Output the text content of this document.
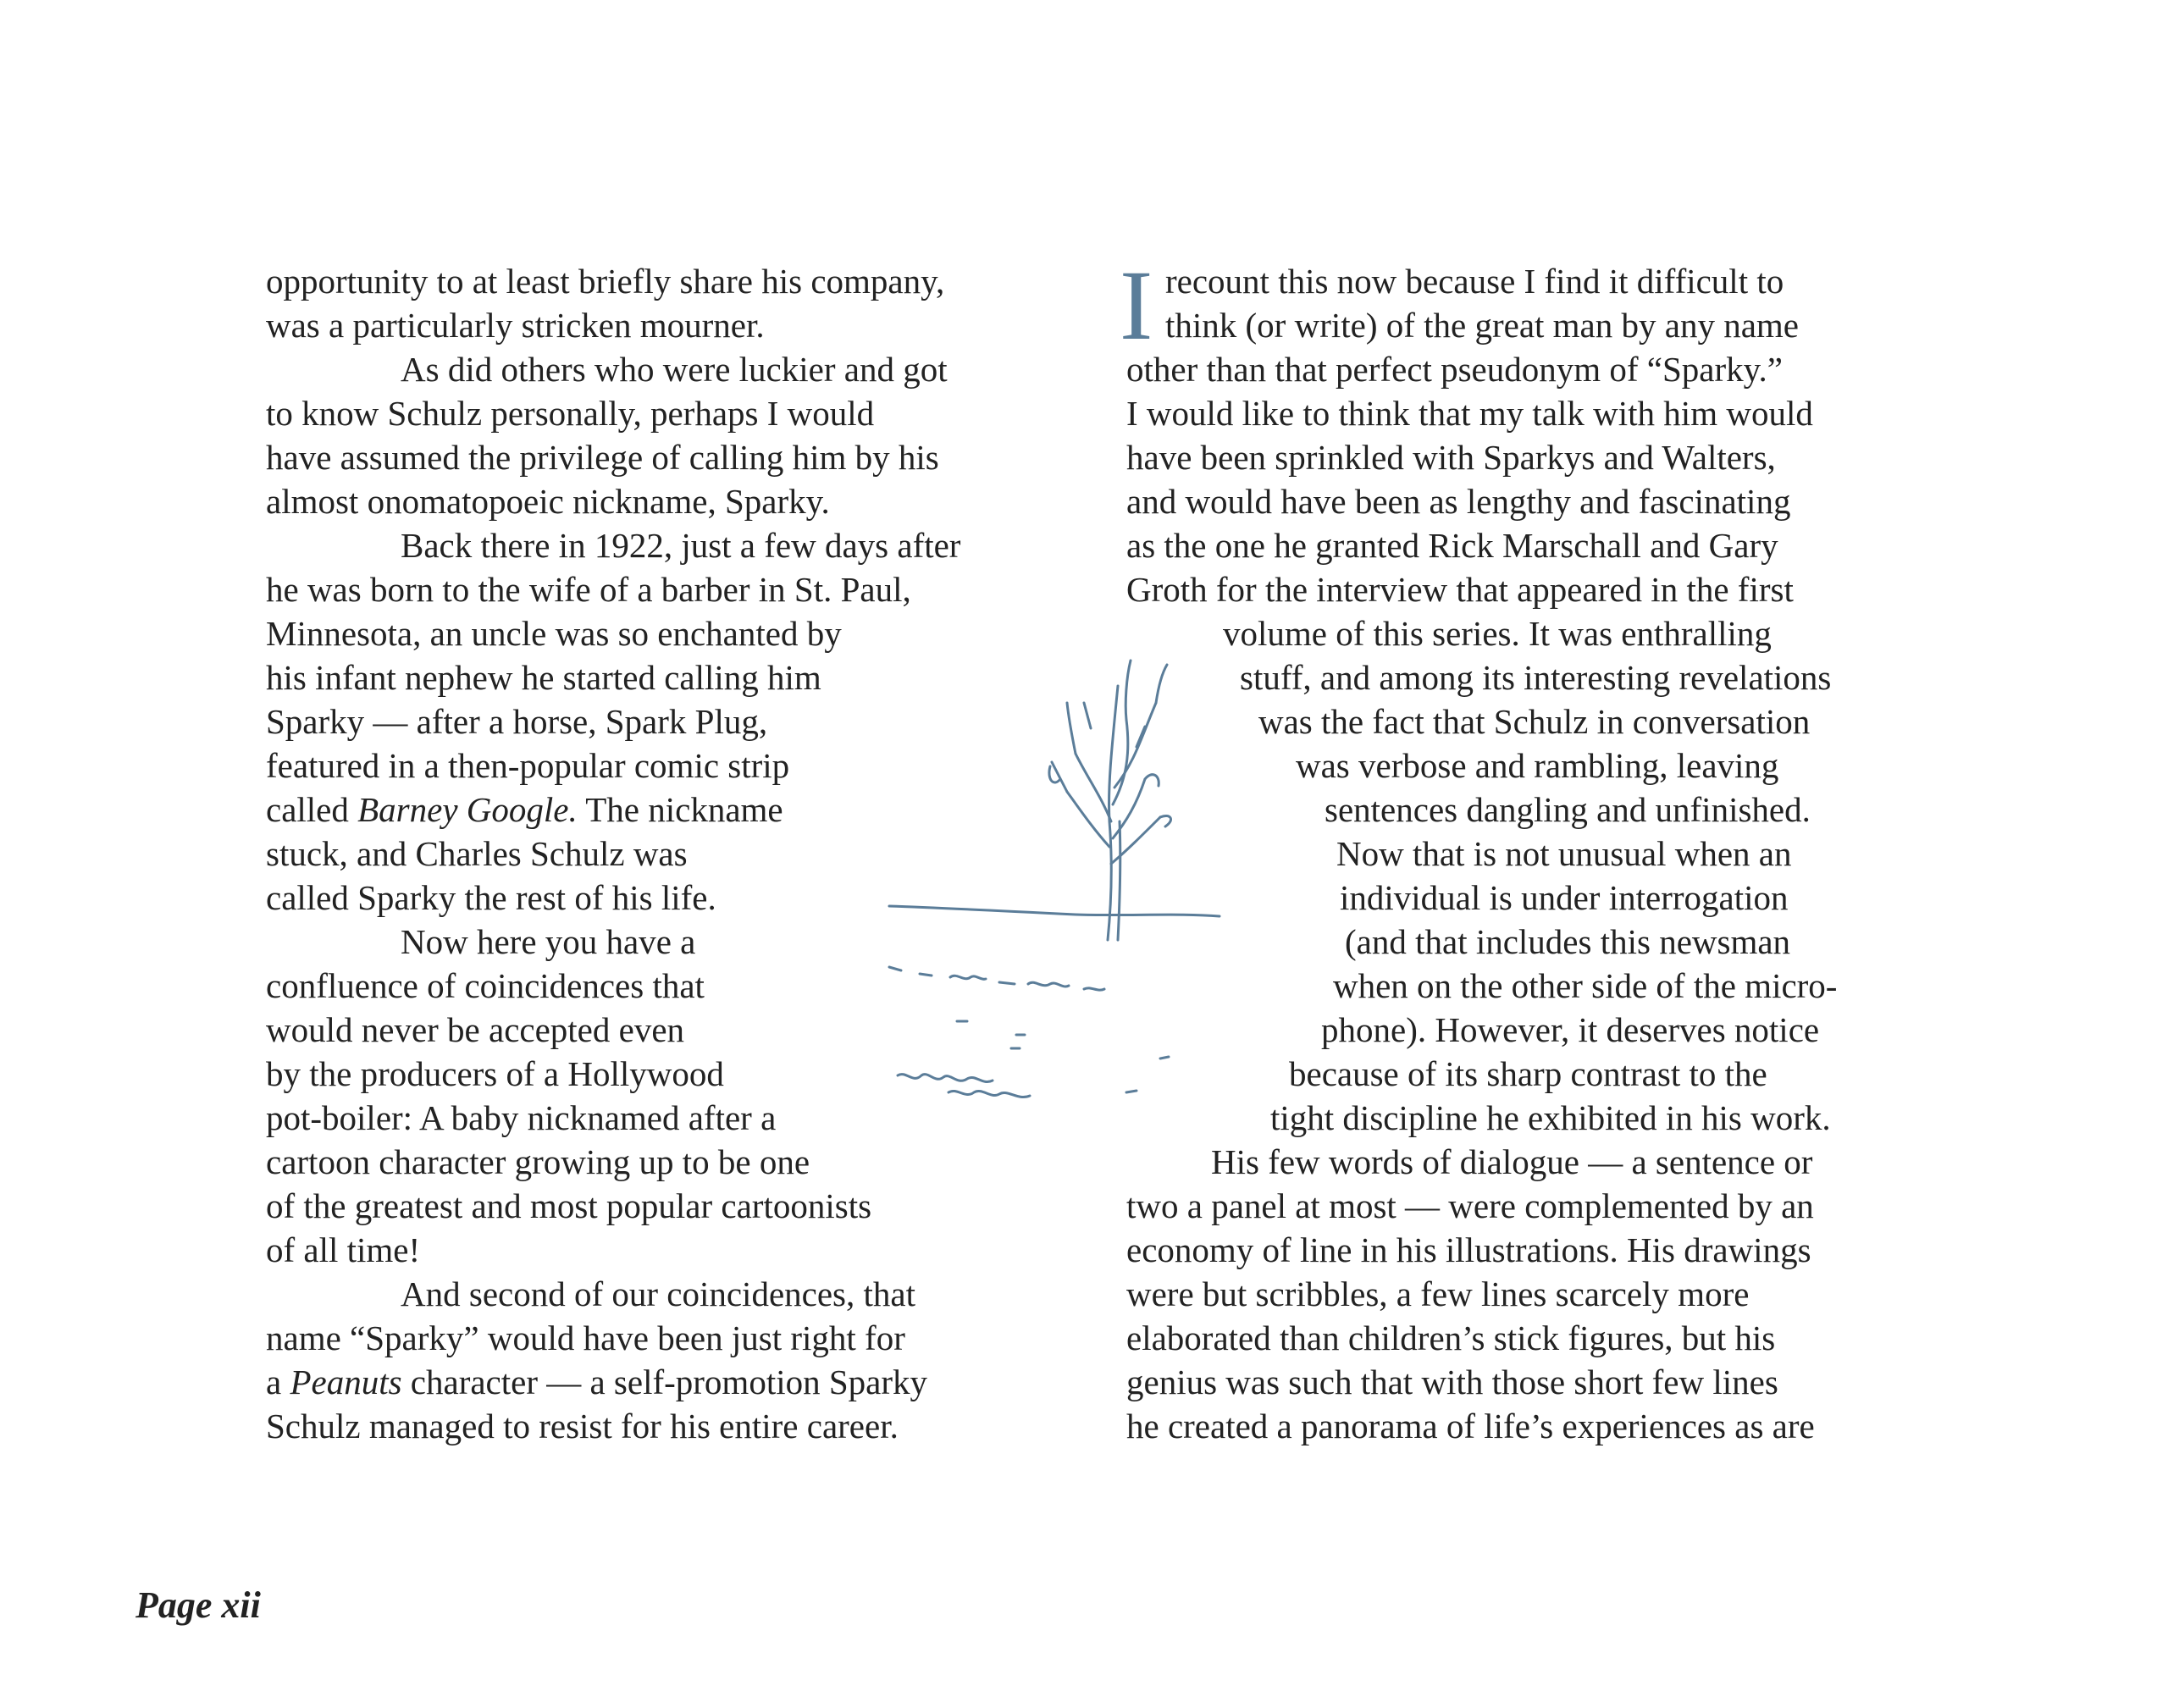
opportunity to at least briefly share his company,
was a particularly stricken mourner.
As did others who were luckier and got
to know Schulz personally, perhaps I would
have assumed the privilege of calling him by his
almost onomatopoeic nickname, Sparky.
Back there in 1922, just a few days after
he was born to the wife of a barber in St. Paul,
Minnesota, an uncle was so enchanted by
his infant nephew he started calling him
Sparky — after a horse, Spark Plug,
featured in a then-popular comic strip
called Barney Google. The nickname
stuck, and Charles Schulz was
called Sparky the rest of his life.
Now here you have a
confluence of coincidences that
would never be accepted even
by the producers of a Hollywood
pot-boiler: A baby nicknamed after a
cartoon character growing up to be one
of the greatest and most popular cartoonists
of all time!
And second of our coincidences, that
name “Sparky” would have been just right for
a Peanuts character — a self-promotion Sparky
Schulz managed to resist for his entire career.
I recount this now because I find it difficult to
think (or write) of the great man by any name
other than that perfect pseudonym of “Sparky.”
I would like to think that my talk with him would
have been sprinkled with Sparkys and Walters,
and would have been as lengthy and fascinating
as the one he granted Rick Marschall and Gary
Groth for the interview that appeared in the first
volume of this series. It was enthralling
stuff, and among its interesting revelations
was the fact that Schulz in conversation
was verbose and rambling, leaving
sentences dangling and unfinished.
Now that is not unusual when an
individual is under interrogation
(and that includes this newsman
when on the other side of the micro-
phone). However, it deserves notice
because of its sharp contrast to the
tight discipline he exhibited in his work.
His few words of dialogue — a sentence or
two a panel at most — were complemented by an
economy of line in his illustrations. His drawings
were but scribbles, a few lines scarcely more
elaborated than children’s stick figures, but his
genius was such that with those short few lines
he created a panorama of life’s experiences as are
Page xii
